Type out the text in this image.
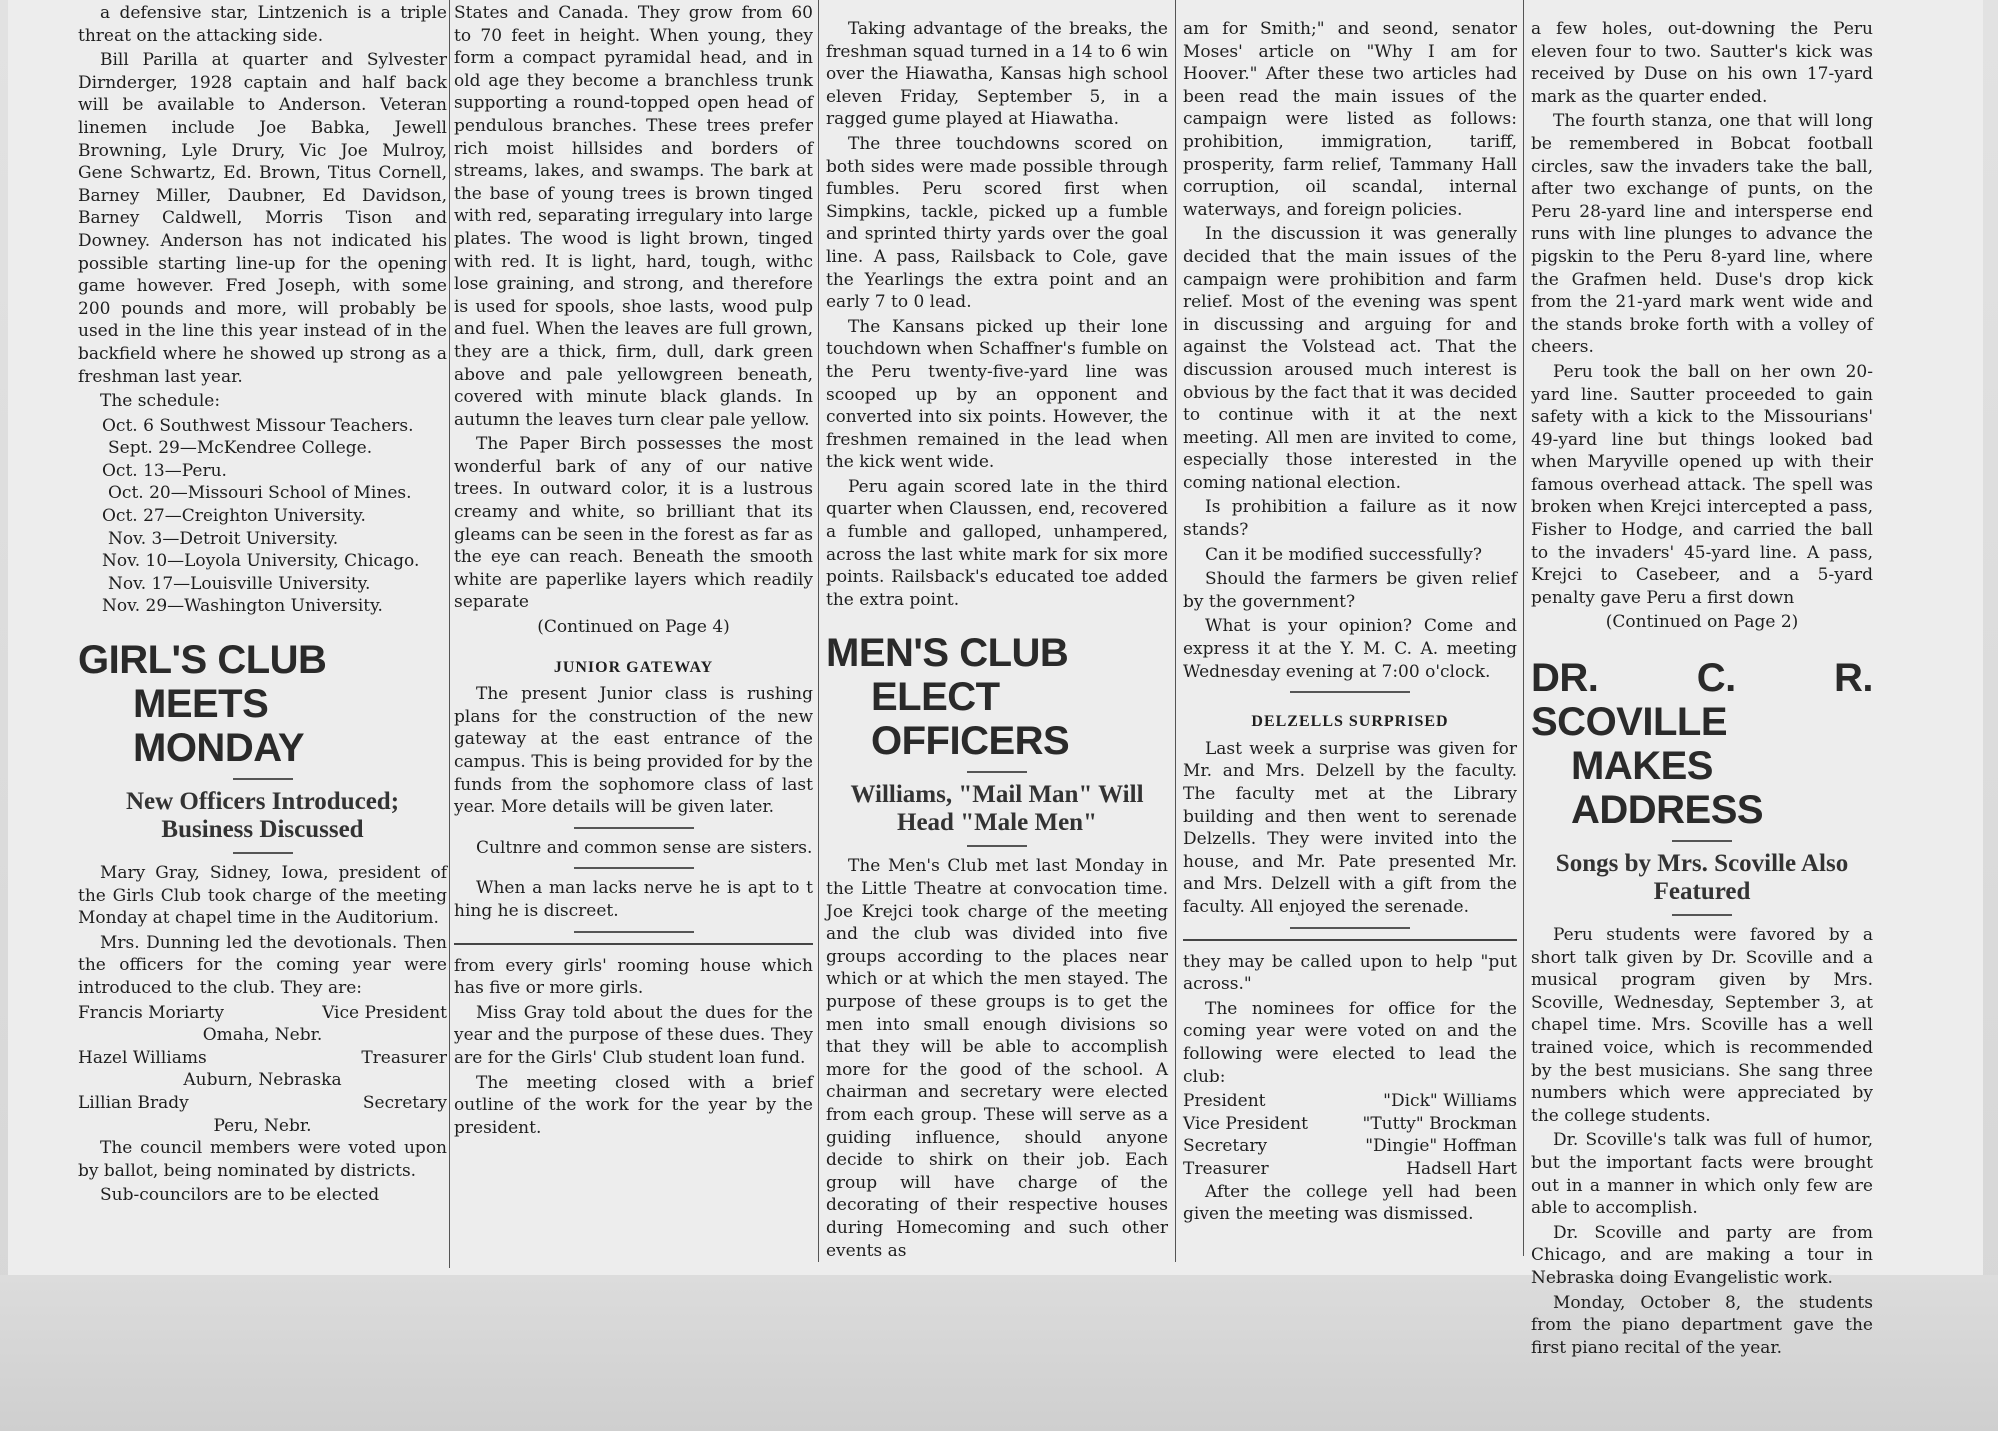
a defensive star, Lintzenich is a triple threat on the attacking side.

Bill Parilla at quarter and Sylvester Dirnderger, 1928 captain and half back will be available to Anderson. Veteran linemen include Joe Babka, Jewell Browning, Lyle Drury, Vic Joe Mulroy, Gene Schwartz, Ed. Brown, Titus Cornell, Barney Miller, Daubner, Ed Davidson, Barney Caldwell, Morris Tison and Downey. Anderson has not indicated his possible starting line-up for the opening game however. Fred Joseph, with some 200 pounds and more, will probably be used in the line this year instead of in the backfield where he showed up strong as a freshman last year.

The schedule:

Oct. 6 Southwest Missour Teachers.
Sept. 29—McKendree College.
Oct. 13—Peru.
Oct. 20—Missouri School of Mines.
Oct. 27—Creighton University.
Nov. 3—Detroit University.
Nov. 10—Loyola University, Chicago.
Nov. 17—Louisville University.
Nov. 29—Washington University.
GIRL'S CLUB
MEETS MONDAY
New Officers Introduced; Business Discussed

Mary Gray, Sidney, Iowa, president of the Girls Club took charge of the meeting Monday at chapel time in the Auditorium.

Mrs. Dunning led the devotionals. Then the officers for the coming year were introduced to the club. They are:

Francis Moriarty	Vice President
Omaha, Nebr.
Hazel Williams	Treasurer
Auburn, Nebraska
Lillian Brady	Secretary
Peru, Nebr.

The council members were voted upon by ballot, being nominated by districts.

Sub-councilors are to be elected

States and Canada. They grow from 60 to 70 feet in height. When young, they form a compact pyramidal head, and in old age they become a branchless trunk supporting a round-topped open head of pendulous branches. These trees prefer rich moist hillsides and borders of streams, lakes, and swamps. The bark at the base of young trees is brown tinged with red, separating irregulary into large plates. The wood is light brown, tinged with red. It is light, hard, tough, withc lose graining, and strong, and therefore is used for spools, shoe lasts, wood pulp and fuel. When the leaves are full grown, they are a thick, firm, dull, dark green above and pale yellowgreen beneath, covered with minute black glands. In autumn the leaves turn clear pale yellow.

The Paper Birch possesses the most wonderful bark of any of our native trees. In outward color, it is a lustrous creamy and white, so brilliant that its gleams can be seen in the forest as far as the eye can reach. Beneath the smooth white are paperlike layers which readily separate

(Continued on Page 4)
JUNIOR GATEWAY

The present Junior class is rushing plans for the construction of the new gateway at the east entrance of the campus. This is being provided for by the funds from the sophomore class of last year. More details will be given later.

Cultnre and common sense are sisters.

When a man lacks nerve he is apt to t hing he is discreet.

from every girls' rooming house which has five or more girls.

Miss Gray told about the dues for the year and the purpose of these dues. They are for the Girls' Club student loan fund.

The meeting closed with a brief outline of the work for the year by the president.

Taking advantage of the breaks, the freshman squad turned in a 14 to 6 win over the Hiawatha, Kansas high school eleven Friday, September 5, in a ragged gume played at Hiawatha.

The three touchdowns scored on both sides were made possible through fumbles. Peru scored first when Simpkins, tackle, picked up a fumble and sprinted thirty yards over the goal line. A pass, Railsback to Cole, gave the Yearlings the extra point and an early 7 to 0 lead.

The Kansans picked up their lone touchdown when Schaffner's fumble on the Peru twenty-five-yard line was scooped up by an opponent and converted into six points. However, the freshmen remained in the lead when the kick went wide.

Peru again scored late in the third quarter when Claussen, end, recovered a fumble and galloped, unhampered, across the last white mark for six more points. Railsback's educated toe added the extra point.

MEN'S CLUB
ELECT OFFICERS
Williams, "Mail Man" Will Head "Male Men"

The Men's Club met last Monday in the Little Theatre at convocation time. Joe Krejci took charge of the meeting and the club was divided into five groups according to the places near which or at which the men stayed. The purpose of these groups is to get the men into small enough divisions so that they will be able to accomplish more for the good of the school. A chairman and secretary were elected from each group. These will serve as a guiding influence, should anyone decide to shirk on their job. Each group will have charge of the decorating of their respective houses during Homecoming and such other events as

am for Smith;" and seond, senator Moses' article on "Why I am for Hoover." After these two articles had been read the main issues of the campaign were listed as follows: prohibition, immigration, tariff, prosperity, farm relief, Tammany Hall corruption, oil scandal, internal waterways, and foreign policies.

In the discussion it was generally decided that the main issues of the campaign were prohibition and farm relief. Most of the evening was spent in discussing and arguing for and against the Volstead act. That the discussion aroused much interest is obvious by the fact that it was decided to continue with it at the next meeting. All men are invited to come, especially those interested in the coming national election.

Is prohibition a failure as it now stands?

Can it be modified successfully?

Should the farmers be given relief by the government?

What is your opinion? Come and express it at the Y. M. C. A. meeting Wednesday evening at 7:00 o'clock.

DELZELLS SURPRISED

Last week a surprise was given for Mr. and Mrs. Delzell by the faculty. The faculty met at the Library building and then went to serenade Delzells. They were invited into the house, and Mr. Pate presented Mr. and Mrs. Delzell with a gift from the faculty. All enjoyed the serenade.

they may be called upon to help "put across."

The nominees for office for the coming year were voted on and the following were elected to lead the club:

President	"Dick" Williams
Vice President	"Tutty" Brockman
Secretary	"Dingie" Hoffman
Treasurer	Hadsell Hart

After the college yell had been given the meeting was dismissed.

a few holes, out-downing the Peru eleven four to two. Sautter's kick was received by Duse on his own 17-yard mark as the quarter ended.

The fourth stanza, one that will long be remembered in Bobcat football circles, saw the invaders take the ball, after two exchange of punts, on the Peru 28-yard line and intersperse end runs with line plunges to advance the pigskin to the Peru 8-yard line, where the Grafmen held. Duse's drop kick from the 21-yard mark went wide and the stands broke forth with a volley of cheers.

Peru took the ball on her own 20-yard line. Sautter proceeded to gain safety with a kick to the Missourians' 49-yard line but things looked bad when Maryville opened up with their famous overhead attack. The spell was broken when Krejci intercepted a pass, Fisher to Hodge, and carried the ball to the invaders' 45-yard line. A pass, Krejci to Casebeer, and a 5-yard penalty gave Peru a first down

(Continued on Page 2)
DR. C. R. SCOVILLE
MAKES ADDRESS
Songs by Mrs. Scoville Also Featured

Peru students were favored by a short talk given by Dr. Scoville and a musical program given by Mrs. Scoville, Wednesday, September 3, at chapel time. Mrs. Scoville has a well trained voice, which is recommended by the best musicians. She sang three numbers which were appreciated by the college students.

Dr. Scoville's talk was full of humor, but the important facts were brought out in a manner in which only few are able to accomplish.

Dr. Scoville and party are from Chicago, and are making a tour in Nebraska doing Evangelistic work.

Monday, October 8, the students from the piano department gave the first piano recital of the year.
